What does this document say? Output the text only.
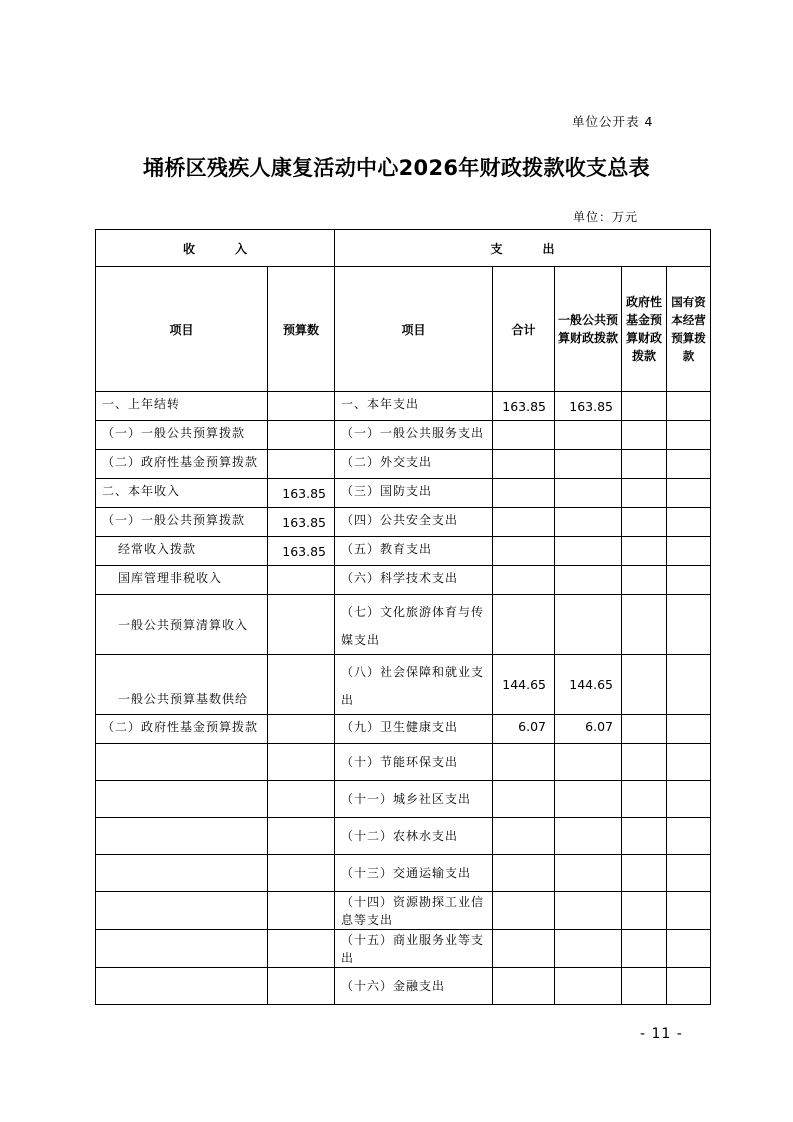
单位公开表 4
埇桥区残疾人康复活动中心2026年财政拨款收支总表
单位：万元
收入		支出				
项目	预算数	项目	合计	一般公共预算财政拨款	政府性基金预算财政拨款	国有资本经营预算拨款
一、上年结转		一、本年支出	163.85	163.85		
（一）一般公共预算拨款		（一）一般公共服务支出				
（二）政府性基金预算拨款		（二）外交支出				
二、本年收入	163.85	（三）国防支出				
（一）一般公共预算拨款	163.85	（四）公共安全支出				
经常收入拨款	163.85	（五）教育支出				
国库管理非税收入		（六）科学技术支出				
一般公共预算清算收入		（七）文化旅游体育与传媒支出				
一般公共预算基数供给		（八）社会保障和就业支出	144.65	144.65		
（二）政府性基金预算拨款		（九）卫生健康支出	6.07	6.07		
		（十）节能环保支出				
		（十一）城乡社区支出				
		（十二）农林水支出				
		（十三）交通运输支出				
		（十四）资源勘探工业信息等支出				
		（十五）商业服务业等支出				
		（十六）金融支出				
- 11 -
